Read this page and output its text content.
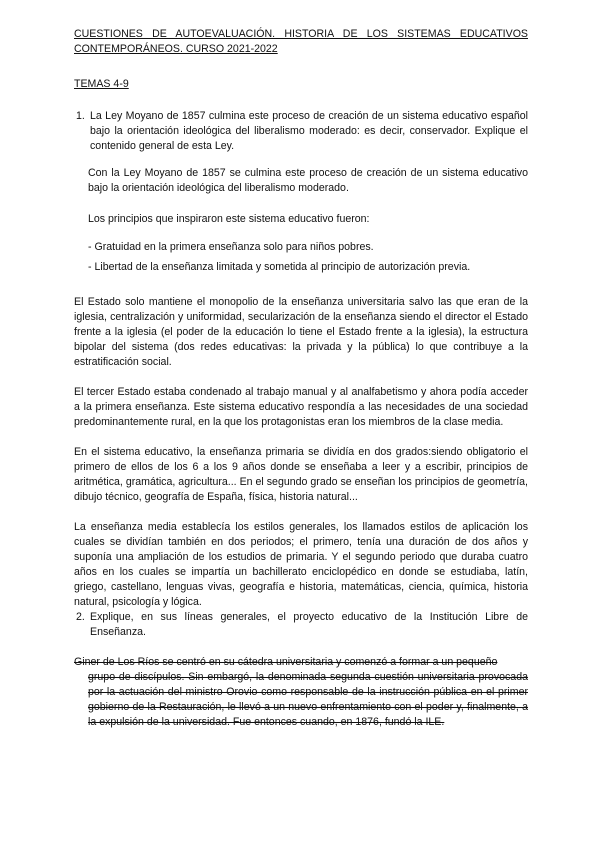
CUESTIONES DE AUTOEVALUACIÓN. HISTORIA DE LOS SISTEMAS EDUCATIVOS
CONTEMPORÁNEOS. CURSO 2021-2022
TEMAS 4-9
1. La Ley Moyano de 1857 culmina este proceso de creación de un sistema educativo español bajo la orientación ideológica del liberalismo moderado: es decir, conservador. Explique el contenido general de esta Ley.
Con la Ley Moyano de 1857 se culmina este proceso de creación de un sistema educativo bajo la orientación ideológica del liberalismo moderado.
Los principios que inspiraron este sistema educativo fueron:
- Gratuidad en la primera enseñanza solo para niños pobres.
- Libertad de la enseñanza limitada y sometida al principio de autorización previa.
El Estado solo mantiene el monopolio de la enseñanza universitaria salvo las que eran de la iglesia, centralización y uniformidad, secularización de la enseñanza siendo el director el Estado frente a la iglesia (el poder de la educación lo tiene el Estado frente a la iglesia), la estructura bipolar del sistema (dos redes educativas: la privada y la pública) lo que contribuye a la estratificación social.
El tercer Estado estaba condenado al trabajo manual y al analfabetismo y ahora podía acceder a la primera enseñanza. Este sistema educativo respondía a las necesidades de una sociedad predominantemente rural, en la que los protagonistas eran los miembros de la clase media.
En el sistema educativo, la enseñanza primaria se dividía en dos grados:siendo obligatorio el primero de ellos de los 6 a los 9 años donde se enseñaba a leer y a escribir, principios de aritmética, gramática, agricultura... En el segundo grado se enseñan los principios de geometría, dibujo técnico, geografía de España, física, historia natural...
La enseñanza media establecía los estilos generales, los llamados estilos de aplicación los cuales se dividían también en dos periodos; el primero, tenía una duración de dos años y suponía una ampliación de los estudios de primaria. Y el segundo periodo que duraba cuatro años en los cuales se impartía un bachillerato enciclopédico en donde se estudiaba, latín, griego, castellano, lenguas vivas, geografía e historia, matemáticas, ciencia, química, historia natural, psicología y lógica.
2. Explique, en sus líneas generales, el proyecto educativo de la Institución Libre de Enseñanza.
Giner de Los Ríos se centró en su cátedra universitaria y comenzó a formar a un pequeño
grupo de discípulos. Sin embargó, la denominada segunda cuestión universitaria provocada por la actuación del ministro Orovio como responsable de la instrucción pública en el primer gobierno de la Restauración, le llevó a un nuevo enfrentamiento con el poder y, finalmente, a la expulsión de la universidad. Fue entonces cuando, en 1876, fundó la ILE.
